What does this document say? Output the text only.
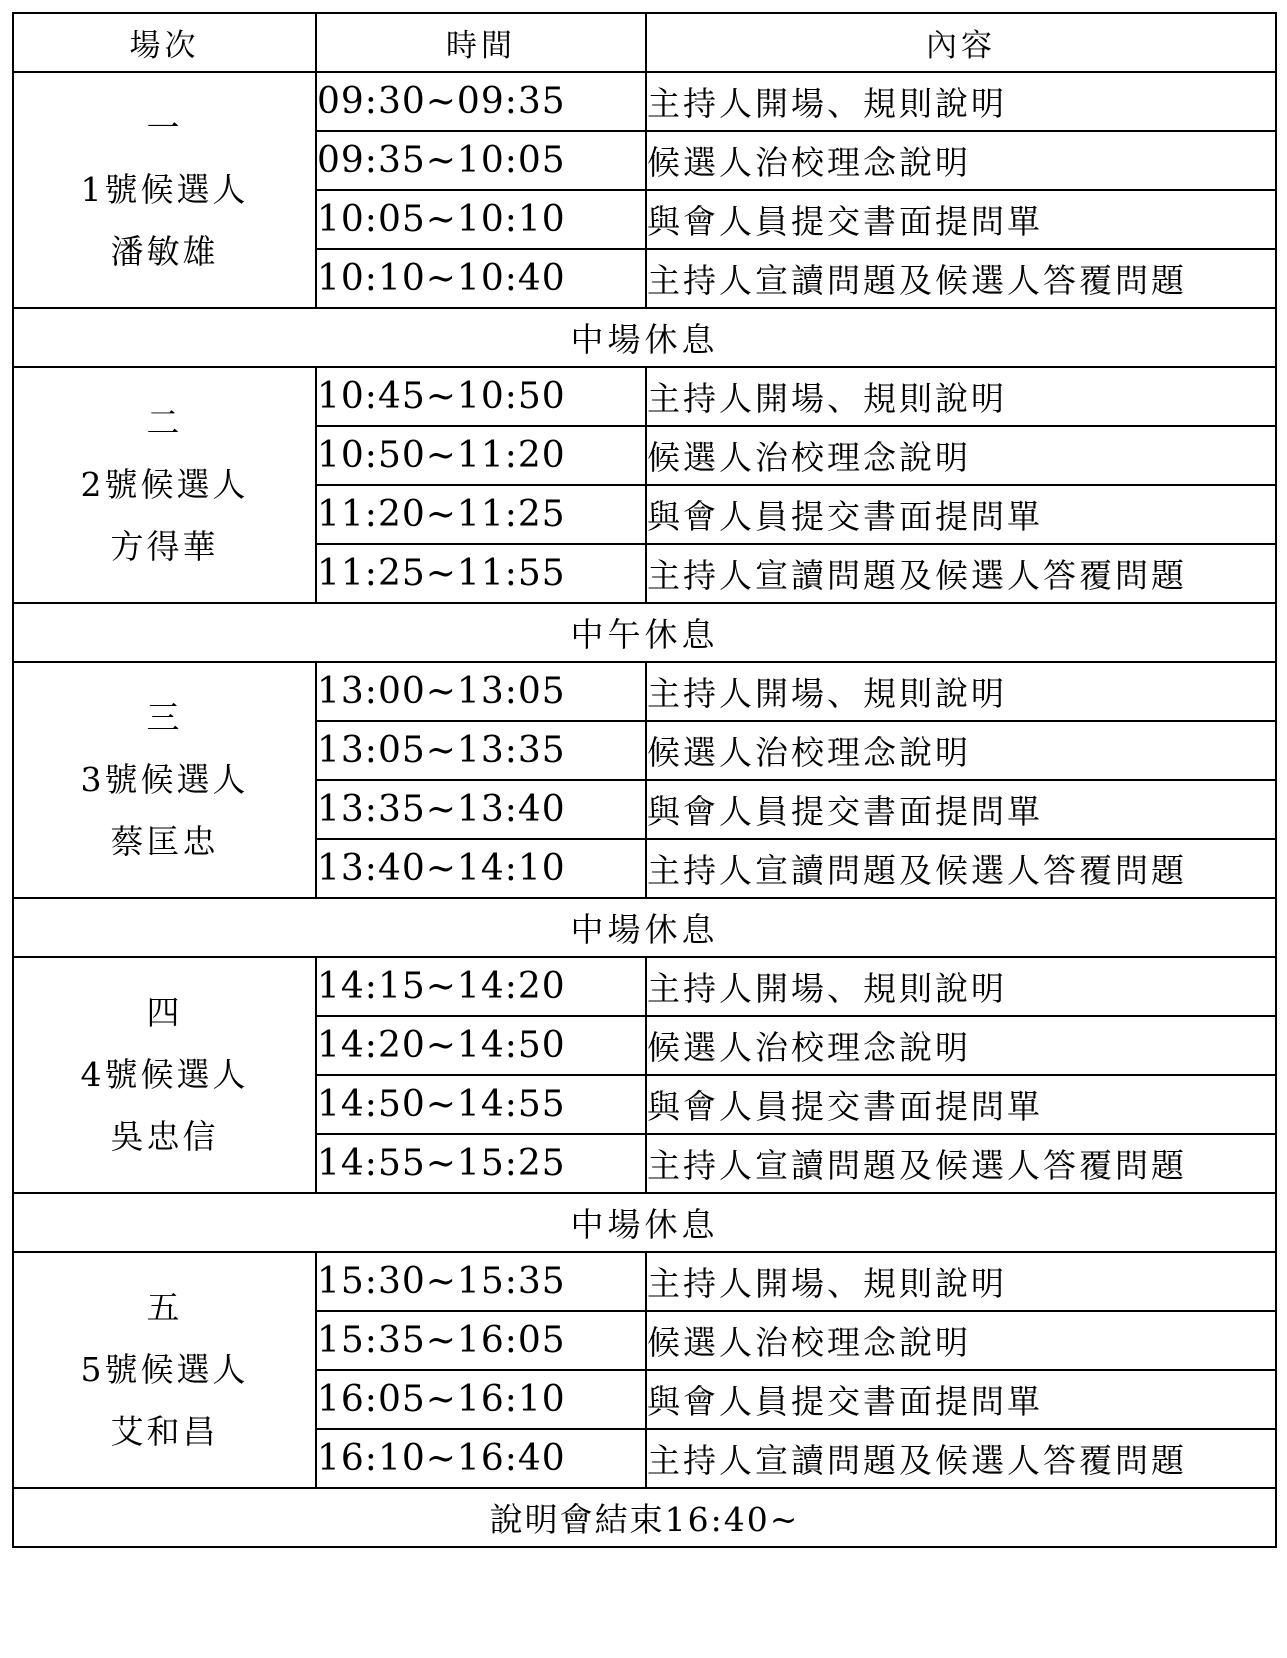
場次	時間	內容

一
1號候選人
潘敏雄	09:30~09:35	主持人開場、規則說明
	09:35~10:05	候選人治校理念說明
	10:05~10:10	與會人員提交書面提問單
	10:10~10:40	主持人宣讀問題及候選人答覆問題
中場休息		

二
2號候選人
方得華	10:45~10:50	主持人開場、規則說明
	10:50~11:20	候選人治校理念說明
	11:20~11:25	與會人員提交書面提問單
	11:25~11:55	主持人宣讀問題及候選人答覆問題
中午休息		

三
3號候選人
蔡匡忠	13:00~13:05	主持人開場、規則說明
	13:05~13:35	候選人治校理念說明
	13:35~13:40	與會人員提交書面提問單
	13:40~14:10	主持人宣讀問題及候選人答覆問題
中場休息		

四
4號候選人
吳忠信	14:15~14:20	主持人開場、規則說明
	14:20~14:50	候選人治校理念說明
	14:50~14:55	與會人員提交書面提問單
	14:55~15:25	主持人宣讀問題及候選人答覆問題
中場休息		

五
5號候選人
艾和昌	15:30~15:35	主持人開場、規則說明
	15:35~16:05	候選人治校理念說明
	16:05~16:10	與會人員提交書面提問單
	16:10~16:40	主持人宣讀問題及候選人答覆問題
說明會結束16:40~		
